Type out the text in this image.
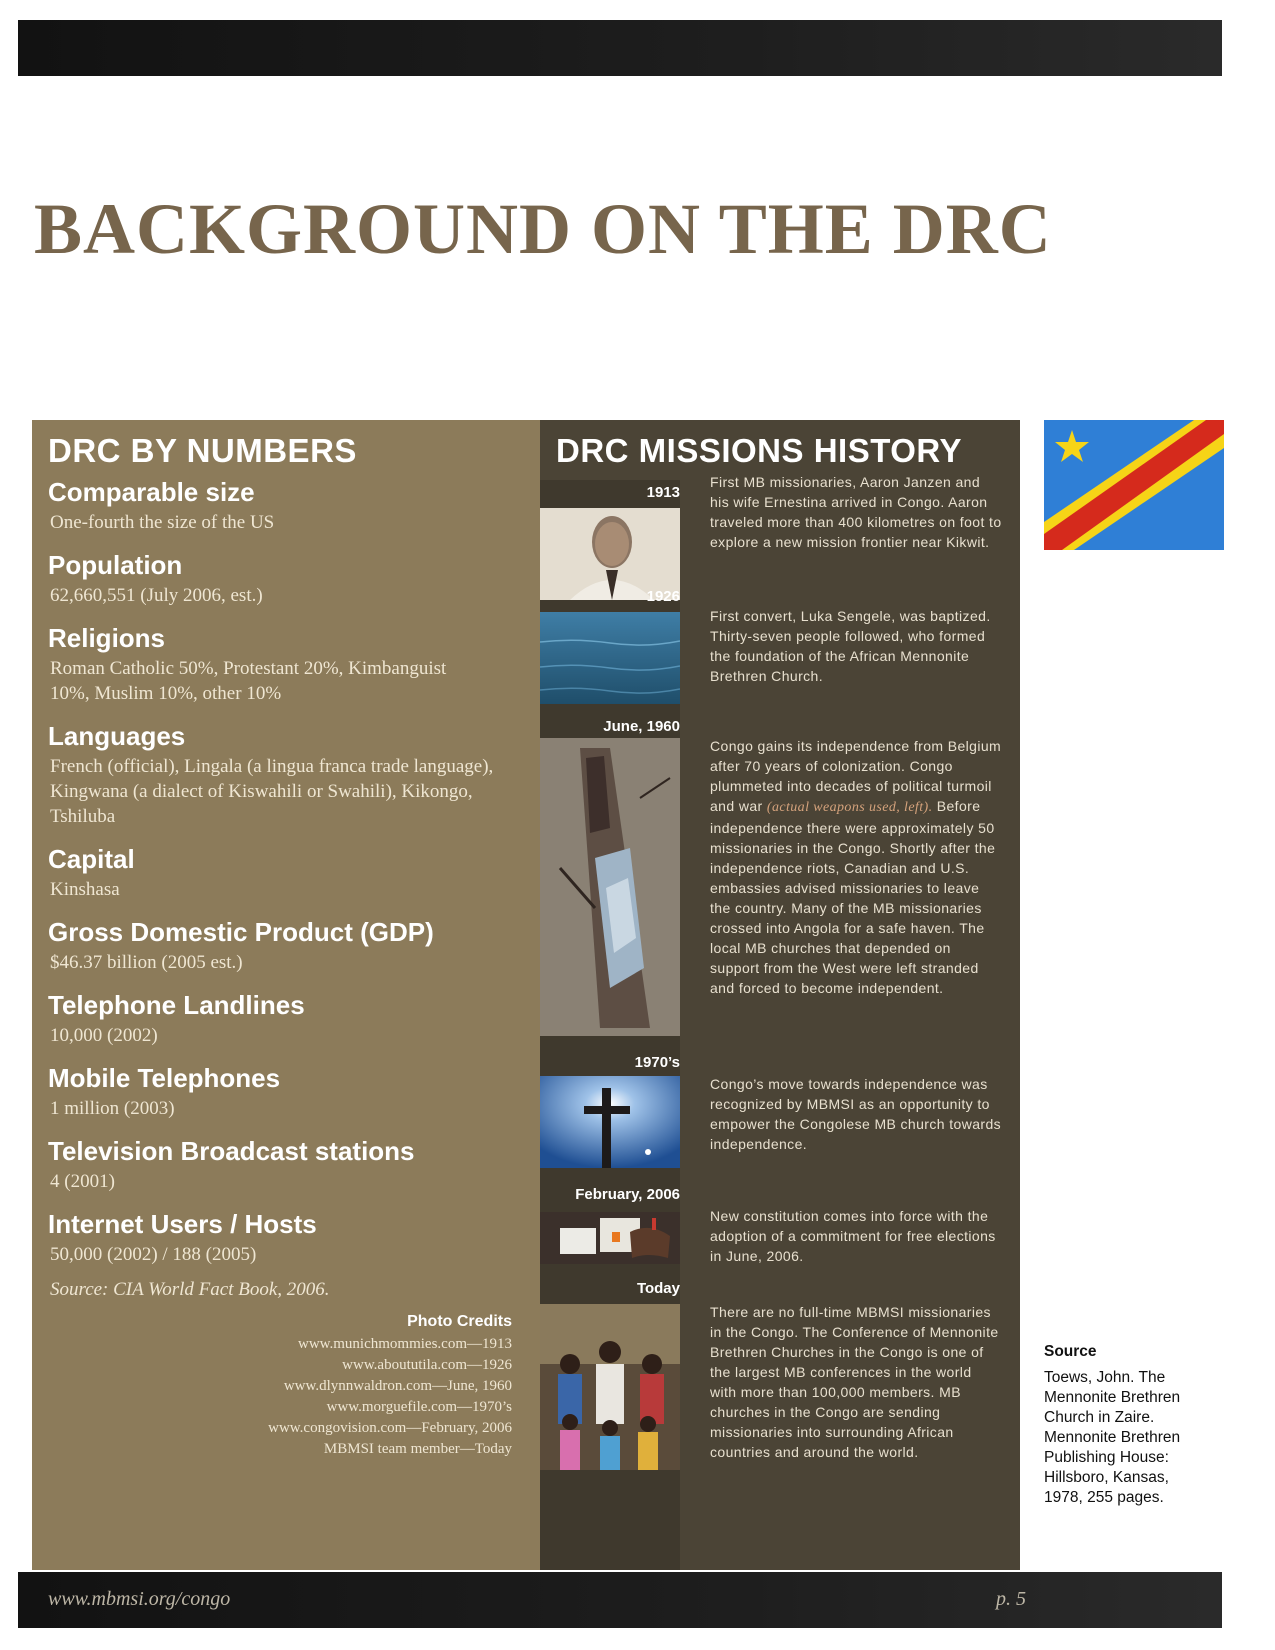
BACKGROUND ON THE DRC
DRC BY NUMBERS
Comparable size
One-fourth the size of the US
Population
62,660,551 (July 2006, est.)
Religions
Roman Catholic 50%, Protestant 20%, Kimbanguist 10%, Muslim 10%, other 10%
Languages
French (official), Lingala (a lingua franca trade language), Kingwana (a dialect of Kiswahili or Swahili), Kikongo, Tshiluba
Capital
Kinshasa
Gross Domestic Product (GDP)
$46.37 billion (2005 est.)
Telephone Landlines
10,000 (2002)
Mobile Telephones
1 million (2003)
Television Broadcast stations
4 (2001)
Internet Users / Hosts
50,000 (2002) / 188 (2005)
Source: CIA World Fact Book, 2006.
Photo Credits
www.munichmommies.com—1913
www.aboututila.com—1926
www.dlynnwaldron.com—June, 1960
www.morguefile.com—1970’s
www.congovision.com—February, 2006
MBMSI team member—Today
DRC MISSIONS HISTORY
1913
First MB missionaries, Aaron Janzen and his wife Ernestina arrived in Congo. Aaron traveled more than 400 kilometres on foot to explore a new mission frontier near Kikwit.
1926
First convert, Luka Sengele, was baptized. Thirty-seven people followed, who formed the foundation of the African Mennonite Brethren Church.
June, 1960
Congo gains its independence from Belgium after 70 years of colonization. Congo plummeted into decades of political turmoil and war (actual weapons used, left). Before independence there were approximately 50 missionaries in the Congo. Shortly after the independence riots, Canadian and U.S. embassies advised missionaries to leave the country. Many of the MB missionaries crossed into Angola for a safe haven. The local MB churches that depended on support from the West were left stranded and forced to become independent.
1970’s
Congo’s move towards independence was recognized by MBMSI as an opportunity to empower the Congolese MB church towards independence.
February, 2006
New constitution comes into force with the adoption of a commitment for free elections in June, 2006.
Today
There are no full-time MBMSI missionaries in the Congo. The Conference of Mennonite Brethren Churches in the Congo is one of the largest MB conferences in the world with more than 100,000 members. MB churches in the Congo are sending missionaries into surrounding African countries and around the world.
Source
Toews, John. The Mennonite Brethren Church in Zaire. Mennonite Brethren Publishing House: Hillsboro, Kansas, 1978, 255 pages.
www.mbmsi.org/congo	p. 5
